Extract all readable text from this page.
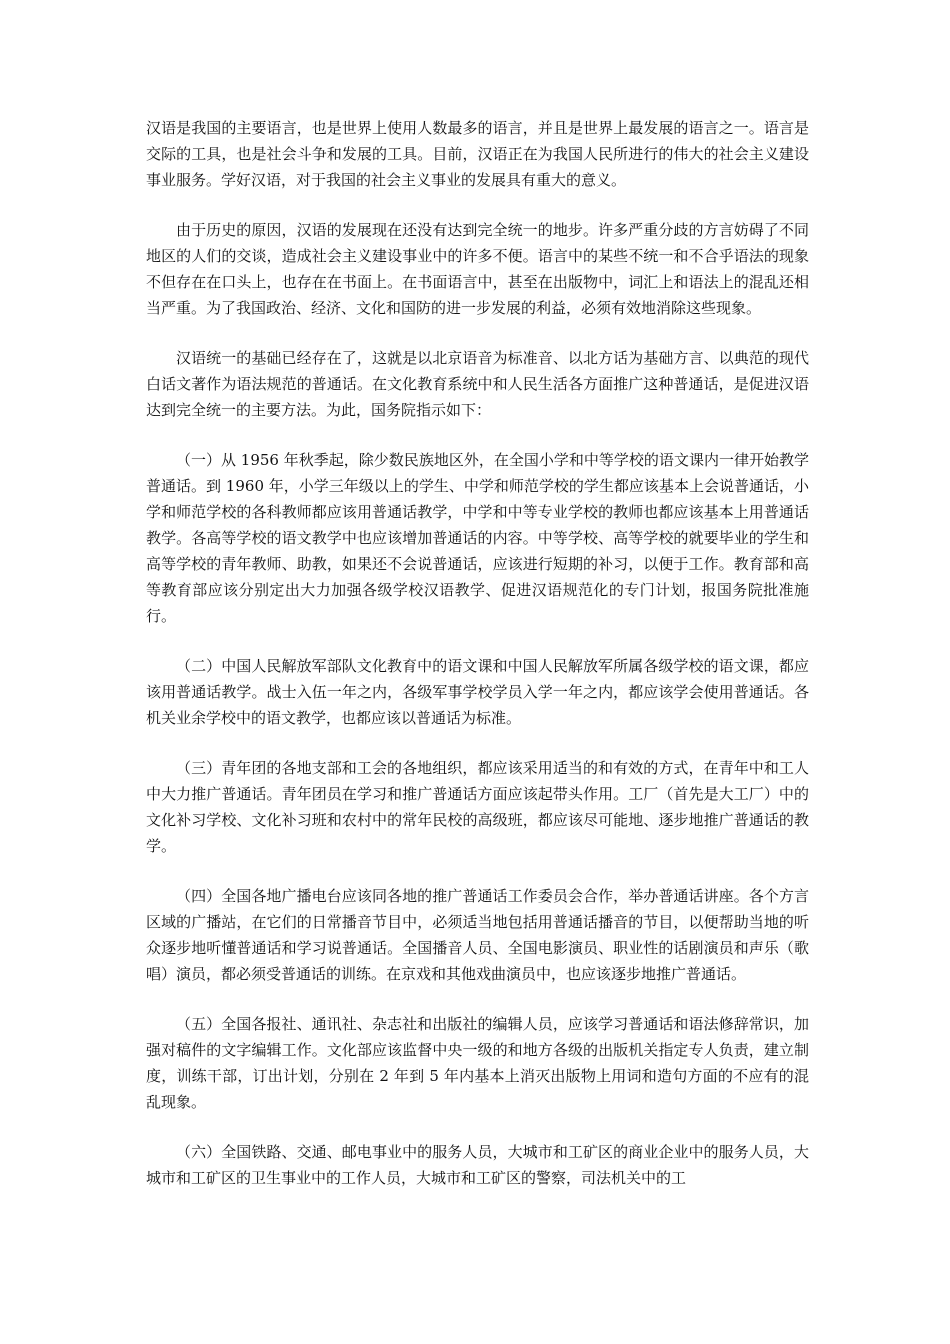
汉语是我国的主要语言，也是世界上使用人数最多的语言，并且是世界上最发展的语言之一。语言是交际的工具，也是社会斗争和发展的工具。目前，汉语正在为我国人民所进行的伟大的社会主义建设事业服务。学好汉语，对于我国的社会主义事业的发展具有重大的意义。

由于历史的原因，汉语的发展现在还没有达到完全统一的地步。许多严重分歧的方言妨碍了不同地区的人们的交谈，造成社会主义建设事业中的许多不便。语言中的某些不统一和不合乎语法的现象不但存在在口头上，也存在在书面上。在书面语言中，甚至在出版物中，词汇上和语法上的混乱还相当严重。为了我国政治、经济、文化和国防的进一步发展的利益，必须有效地消除这些现象。

汉语统一的基础已经存在了，这就是以北京语音为标准音、以北方话为基础方言、以典范的现代白话文著作为语法规范的普通话。在文化教育系统中和人民生活各方面推广这种普通话，是促进汉语达到完全统一的主要方法。为此，国务院指示如下：

（一）从 1956 年秋季起，除少数民族地区外，在全国小学和中等学校的语文课内一律开始教学普通话。到 1960 年，小学三年级以上的学生、中学和师范学校的学生都应该基本上会说普通话，小学和师范学校的各科教师都应该用普通话教学，中学和中等专业学校的教师也都应该基本上用普通话教学。各高等学校的语文教学中也应该增加普通话的内容。中等学校、高等学校的就要毕业的学生和高等学校的青年教师、助教，如果还不会说普通话，应该进行短期的补习，以便于工作。教育部和高等教育部应该分别定出大力加强各级学校汉语教学、促进汉语规范化的专门计划，报国务院批准施行。

（二）中国人民解放军部队文化教育中的语文课和中国人民解放军所属各级学校的语文课，都应该用普通话教学。战士入伍一年之内，各级军事学校学员入学一年之内，都应该学会使用普通话。各机关业余学校中的语文教学，也都应该以普通话为标准。

（三）青年团的各地支部和工会的各地组织，都应该采用适当的和有效的方式，在青年中和工人中大力推广普通话。青年团员在学习和推广普通话方面应该起带头作用。工厂（首先是大工厂）中的文化补习学校、文化补习班和农村中的常年民校的高级班，都应该尽可能地、逐步地推广普通话的教学。

（四）全国各地广播电台应该同各地的推广普通话工作委员会合作，举办普通话讲座。各个方言区域的广播站，在它们的日常播音节目中，必须适当地包括用普通话播音的节目，以便帮助当地的听众逐步地听懂普通话和学习说普通话。全国播音人员、全国电影演员、职业性的话剧演员和声乐（歌唱）演员，都必须受普通话的训练。在京戏和其他戏曲演员中，也应该逐步地推广普通话。

（五）全国各报社、通讯社、杂志社和出版社的编辑人员，应该学习普通话和语法修辞常识，加强对稿件的文字编辑工作。文化部应该监督中央一级的和地方各级的出版机关指定专人负责，建立制度，训练干部，订出计划，分别在 2 年到 5 年内基本上消灭出版物上用词和造句方面的不应有的混乱现象。

（六）全国铁路、交通、邮电事业中的服务人员，大城市和工矿区的商业企业中的服务人员，大城市和工矿区的卫生事业中的工作人员，大城市和工矿区的警察，司法机关中的工
